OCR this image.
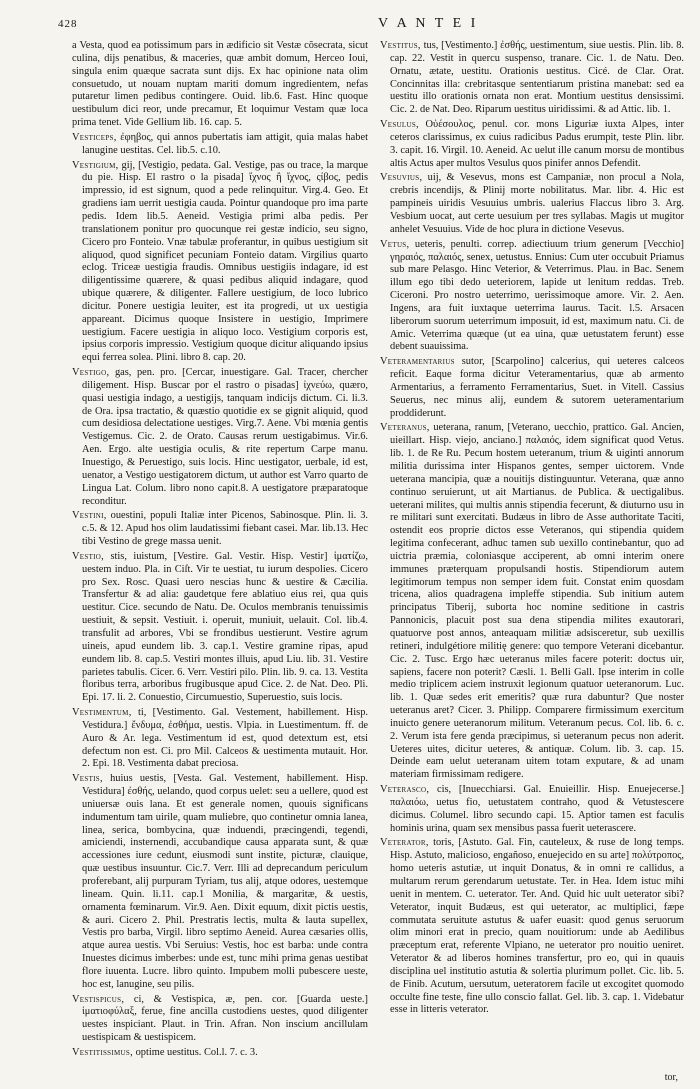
428	V A N T E I

a Vesta, quod ea potissimum pars in ædificio sit Vestæ cõsecrata, sicut culina, dijs penatibus, & maceries, quæ ambit domum, Herceo Ioui, singula enim quæque sacrata sunt dijs. Ex hac opinione nata olim consuetudo, ut nouam nuptam mariti domum ingredientem, nefas putaretur limen pedibus contingere. Ouid. lib.6. Fast. Hinc quoque uestibulum dici reor, unde precamur, Et loquimur Vestam quæ loca prima tenet. Vide Gellium lib. 16. cap. 5.

Vesticeps, ἐφηβος, qui annos pubertatis iam attigit, quia malas habet lanugine uestitas. Cel. lib.5. c.10.

Vestigium, gij, [Vestigio, pedata. Gal. Vestige, pas ou trace, la marque du pie. Hisp. El rastro o la pisada] ἴχνος ἢ ἴχνος, ςίβος, pedis impressio, id est signum, quod a pede relinquitur. Virg.4. Geo. Et gradiens iam uerrit uestigia cauda. Pointur quandoque pro ima parte pedis. Idem lib.5. Aeneid. Vestigia primi alba pedis. Per translationem ponitur pro quocunque rei gestæ indicio, seu signo, Cicero pro Fonteio. Vnæ tabulæ proferantur, in quibus uestigium sit aliquod, quod significet pecuniam Fonteio datam. Virgilius quarto eclog. Triceæ uestigia fraudis. Omnibus uestigiis indagare, id est diligentissime quærere, & quasi pedibus aliquid indagare, quod ubique quærere, & diligenter. Fallere uestigium, de loco lubrico dicitur. Ponere uestigia leuiter, est ita progredi, ut ux uestigia appareant. Dicimus quoque Insistere in uestigio, Imprimere uestigium. Facere uestigia in aliquo loco. Vestigium corporis est, ipsius corporis impressio. Vestigium quoque dicitur aliquando ipsius equi ferrea solea. Plini. libro 8. cap. 20.

Vestigo, gas, pen. pro. [Cercar, inuestigare. Gal. Tracer, chercher diligement. Hisp. Buscar por el rastro o pisadas] ἰχνεύω, quæro, quasi uestigia indago, a uestigijs, tanquam indicijs dictum. Ci. li.3. de Ora. ipsa tractatio, & quæstio quotidie ex se gignit aliquid, quod cum desidiosa delectatione uestiges. Virg.7. Aene. Vbi mœnia gentis Vestigemus. Cic. 2. de Orato. Causas rerum uestigabimus. Vir.6. Aen. Ergo. alte uestigia oculis, & rite repertum Carpe manu. Inuestigo, & Peruestigo, suis locis. Hinc uestigator, uerbale, id est, uenator, a Vestigo uestigatorem dictum, ut author est Varro quarto de Lingua Lat. Colum. libro nono capit.8. A uestigatore præparatoque reconditur.

Vestini, ouestini, populi Italiæ inter Picenos, Sabinosque. Plin. li. 3. c.5. & 12. Apud hos olim laudatissimi fiebant casei. Mar. lib.13. Hec tibi Vestino de grege massa uenit.

Vestio, stis, iuistum, [Vestire. Gal. Vestir. Hisp. Vestir] ἱματίζω, uestem induo. Pla. in Ciſt. Vir te uestiat, tu iurum despolies. Cicero pro Sex. Rosc. Quasi uero nescias hunc & uestire & Cæcilia. Transfertur & ad alia: gaudetque fere ablatiuo eius rei, qua quis uestitur. Cice. secundo de Natu. De. Oculos membranis tenuissimis uestiuit, & sepsit. Vestiuit. i. operuit, muniuit, uelauit. Col. lib.4. transfulit ad arbores, Vbi se frondibus uestierunt. Vestire agrum uineis, apud eundem lib. 3. cap.1. Vestire gramine ripas, apud eundem lib. 8. cap.5. Vestiri montes illuis, apud Liu. lib. 31. Vestire parietes tabulis. Cicer. 6. Verr. Vestiri pilo. Plin. lib. 9. ca. 13. Vestita floribus terra, arboribus frugibusque apud Cice. 2. de Nat. Deo. Pli. Epi. 17. li. 2. Conuestio, Circumuestio, Superuestio, suis locis.

Vestimentum, ti, [Vestimento. Gal. Vestement, habillement. Hisp. Vestidura.] ἔνδυμα, ἐσθήμα, uestis. Vlpia. in Luestimentum. ff. de Auro & Ar. lega. Vestimentum id est, quod detextum est, etsi defectum non est. Ci. pro Mil. Calceos & uestimenta mutauit. Hor. 2. Epi. 18. Vestimenta dabat preciosa.

Vestis, huius uestis, [Vesta. Gal. Vestement, habillement. Hisp. Vestidura] ἐσθής, uelando, quod corpus uelet: seu a uellere, quod est uniuersæ ouis lana. Et est generale nomen, quouis significans indumentum tam uirile, quam muliebre, quo continetur omnia lanea, linea, serica, bombycina, quæ induendi, præcingendi, tegendi, amiciendi, insternendi, accubandique causa apparata sunt, & quæ accessiones iure cedunt, eiusmodi sunt instite, picturæ, clauique, quæ uestibus insuuntur. Cic.7. Verr. Illi ad deprecandum periculum proferebant, alij purpuram Tyriam, tus alij, atque odores, uestemque lineam. Quin. li.11. cap.1 Monilia, & margaritæ, & uestis, ornamenta fœminarum. Vir.9. Aen. Dixit equum, dixit pictis uestis, & auri. Cicero 2. Phil. Prestratis lectis, multa & lauta supellex, Vestis pro barba, Virgil. libro septimo Aeneid. Aurea cæsaries ollis, atque aurea uestis. Vbi Seruius: Vestis, hoc est barba: unde contra Inuestes dicimus imberbes: unde est, tunc mihi prima genas uestibat flore iuuenta. Lucre. libro quinto. Impubem molli pubescere ueste, hoc est, lanugine, seu pilis.

Vestispicus, ci, & Vestispica, æ, pen. cor. [Guarda ueste.] ἱματιοφύλαξ, ferue, fine ancilla custodiens uestes, quod diligenter uestes inspiciant. Plaut. in Trin. Afran. Non inscium ancillulam uestispicam & uestispicem.

Vestitissimus, optime uestitus. Col.l. 7. c. 3.

Vestitus, tus, [Vestimento.] ἐσθής, uestimentum, siue uestis. Plin. lib. 8. cap. 22. Vestit in quercu suspenso, tranare. Cic. 1. de Natu. Deo. Ornatu, ætate, uestitu. Orationis uestitus. Cicé. de Clar. Orat. Concinnitas illa: crebritasque sententiarum pristina manebat: sed ea uestitu illo orationis ornata non erat. Montium uestitus densissimi. Cic. 2. de Nat. Deo. Riparum uestitus uiridissimi. & ad Attic. lib. 1.

Vesulus, Οὐέσουλος, penul. cor. mons Liguriæ iuxta Alpes, inter ceteros clarissimus, ex cuius radicibus Padus erumpit, teste Plin. libr. 3. capit. 16. Virgil. 10. Aeneid. Ac uelut ille canum morsu de montibus altis Actus aper multos Vesulus quos pinifer annos Defendit.

Vesuvius, uij, & Vesevus, mons est Campaniæ, non procul a Nola, crebris incendijs, & Plinij morte nobilitatus. Mar. libr. 4. Hic est pampineis uiridis Vesuuius umbris. ualerius Flaccus libro 3. Arg. Vesbium uocat, aut certe uesuium per tres syllabas. Magis ut mugitor anhelet Vesuuius. Vide de hoc plura in dictione Vesevus.

Vetus, ueteris, penulti. correp. adiectiuum trium generum [Vecchio] γηραιός, παλαιός, senex, uetustus. Ennius: Cum uter occubuit Priamus sub mare Pelasgo. Hinc Veterior, & Veterrimus. Plau. in Bac. Senem illum ego tibi dedo ueteriorem, lapide ut lenitum reddas. Treb. Ciceroni. Pro nostro ueterrimo, uerissimoque amore. Vir. 2. Aen. Ingens, ara fuit iuxtaque ueterrima laurus. Tacit. l.5. Arsacen liberorum suorum ueterrimum imposuit, id est, maximum natu. Ci. de Amic. Veterrima quæque (ut ea uina, quæ uetustatem ferunt) esse debent suauissima.

Veteramentarius sutor, [Scarpolino] calcerius, qui ueteres calceos reficit. Eaque forma dicitur Veteramentarius, quæ ab armento Armentarius, a ferramento Ferramentarius, Suet. in Vitell. Cassius Seuerus, nec minus alij, eundem & sutorem ueteramentarium proddiderunt.

Veteranus, ueterana, ranum, [Veterano, uecchio, prattico. Gal. Ancien, uieillart. Hisp. viejo, anciano.] παλαιός, idem significat quod Vetus. lib. 1. de Re Ru. Pecum hostem ueteranum, trium & uiginti annorum militia durissima inter Hispanos gentes, semper uictorem. Vnde ueterana mancipia, quæ a nouitijs distinguuntur. Veterana, quæ anno continuo seruierunt, ut ait Martianus. de Publica. & uectigalibus. ueterani milites, qui multis annis stipendia fecerunt, & diuturno usu in re militari sunt exercitati. Budæus in libro de Asse authoritate Taciti, ostendit eos proprie dictos esse Veteranos, qui stipendia quidem legitima confecerant, adhuc tamen sub uexillo continebantur, quo ad uictria præmia, coloniasque acciperent, ab omni interim onere immunes præterquam propulsandi hostis. Stipendiorum autem legitimorum tempus non semper idem fuit. Constat enim quosdam tricena, alios quadragena impleffe stipendia. Sub initium autem principatus Tiberij, suborta hoc nomine seditione in castris Pannonicis, placuit post sua dena stipendia milites exautorari, quatuorve post annos, anteaquam militiæ adsisceretur, sub uexillis retineri, indulgétiore militię genere: quo tempore Veterani dicebantur. Cic. 2. Tusc. Ergo hæc ueteranus miles facere poterit: doctus uir, sapiens, facere non poterit? Cæsli. 1. Belli Gall. Ipse interim in colle medio triplicem aciem instruxit legionum quatuor ueteranorum. Luc. lib. 1. Quæ sedes erit emeritis? quæ rura dabuntur? Que noster ueteranus aret? Cicer. 3. Philipp. Comparere firmissimum exercitum inuicto genere ueteranorum militum. Veteranum pecus. Col. lib. 6. c. 2. Verum ista fere genda præcipimus, si ueteranum pecus non aderit. Ueteres uites, dicitur ueteres, & antiquæ. Colum. lib. 3. cap. 15. Deinde eam uelut ueteranam uitem totam exputare, & ad unam materiam firmissimam redigere.

Veterasco, cis, [Inuecchiarsi. Gal. Enuieillir. Hisp. Enuejecerse.] παλαιόω, uetus fio, uetustatem contraho, quod & Vetustescere dicimus. Columel. libro secundo capi. 15. Aptior tamen est faculis hominis urina, quam sex mensibus passa fuerit ueterascere.

Veterator, toris, [Astuto. Gal. Fin, cauteleux, & ruse de long temps. Hisp. Astuto, malicioso, engañoso, enuejecido en su arte] πολύτροπος, homo ueteris astutiæ, ut inquit Donatus, & in omni re callidus, a multarum rerum gerendarum uetustate. Ter. in Hea. Idem istuc mihi uenit in mentem. C. ueterator. Ter. And. Quid hic uult ueterator sibi? Veterator, inquit Budæus, est qui ueterator, ac multiplici, fæpe commutata seruitute astutus & uafer euasit: quod genus seruorum olim minori erat in precio, quam nouitiorum: unde ab Aedilibus præceptum erat, referente Vlpiano, ne ueterator pro nouitio ueniret. Veterator & ad liberos homines transfertur, pro eo, qui in quauis disciplina uel institutio astutia & solertia plurimum pollet. Cic. lib. 5. de Finib. Acutum, uersutum, ueteratorem facile ut excogitet quomodo occulte fine teste, fine ullo conscio fallat. Gel. lib. 3. cap. 1. Videbatur esse in litteris veterator.

tor,
